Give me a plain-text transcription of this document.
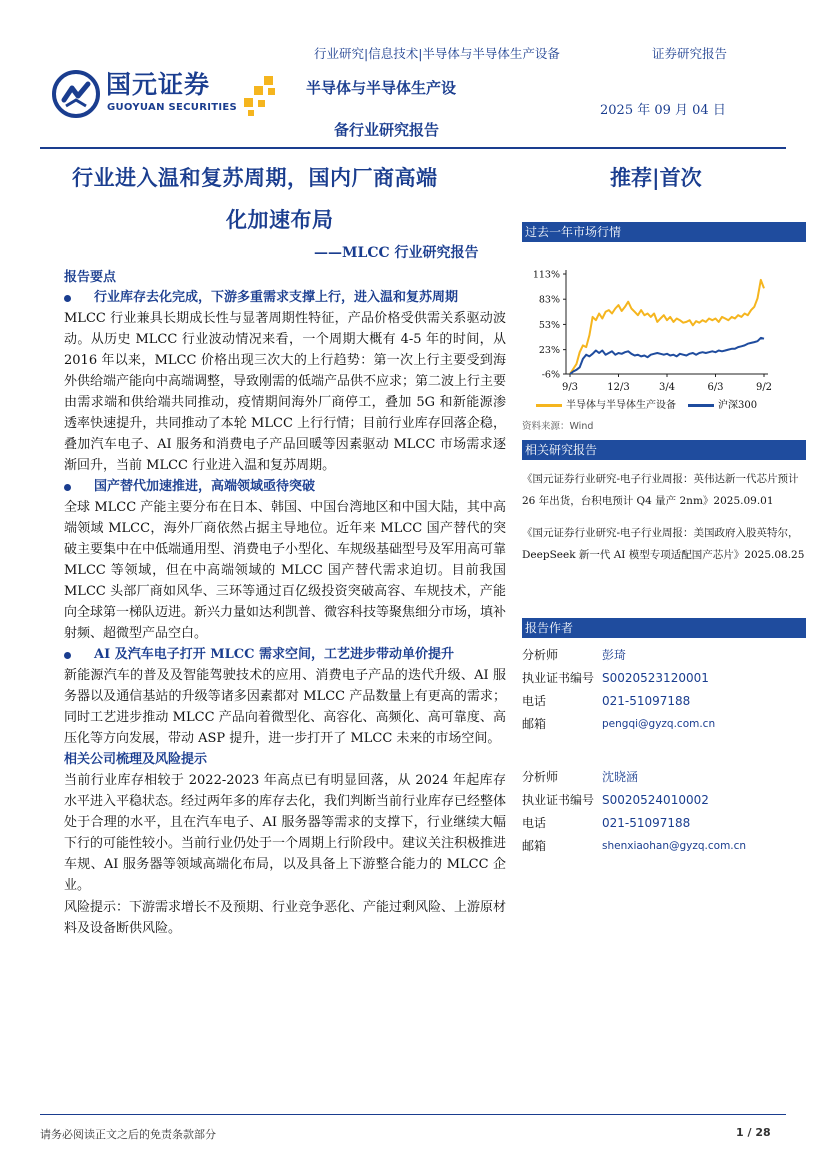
国元证券
GUOYUAN SECURITIES
行业研究|信息技术|半导体与半导体生产设备	证券研究报告
半导体与半导体生产设
备行业研究报告
2025 年 09 月 04 日
行业进入温和复苏周期，国内厂商高端
化加速布局
——MLCC 行业研究报告
推荐|首次
报告要点
行业库存去化完成，下游多重需求支撑上行，进入温和复苏周期

MLCC 行业兼具长期成长性与显著周期性特征，产品价格受供需关系驱动波动。从历史 MLCC 行业波动情况来看，一个周期大概有 4-5 年的时间，从 2016 年以来，MLCC 价格出现三次大的上行趋势：第一次上行主要受到海外供给端产能向中高端调整，导致刚需的低端产品供不应求；第二波上行主要由需求端和供给端共同推动，疫情期间海外厂商停工，叠加 5G 和新能源渗透率快速提升，共同推动了本轮 MLCC 上行行情；目前行业库存回落企稳，叠加汽车电子、AI 服务和消费电子产品回暖等因素驱动 MLCC 市场需求逐渐回升，当前 MLCC 行业进入温和复苏周期。

国产替代加速推进，高端领域亟待突破

全球 MLCC 产能主要分布在日本、韩国、中国台湾地区和中国大陆，其中高端领域 MLCC，海外厂商依然占据主导地位。近年来 MLCC 国产替代的突破主要集中在中低端通用型、消费电子小型化、车规级基础型号及军用高可靠 MLCC 等领域，但在中高端领域的 MLCC 国产替代需求迫切。目前我国 MLCC 头部厂商如风华、三环等通过百亿级投资突破高容、车规技术，产能向全球第一梯队迈进。新兴力量如达利凯普、微容科技等聚焦细分市场，填补射频、超微型产品空白。

AI 及汽车电子打开 MLCC 需求空间，工艺进步带动单价提升

新能源汽车的普及及智能驾驶技术的应用、消费电子产品的迭代升级、AI 服务器以及通信基站的升级等诸多因素都对 MLCC 产品数量上有更高的需求；同时工艺进步推动 MLCC 产品向着微型化、高容化、高频化、高可靠度、高压化等方向发展，带动 ASP 提升，进一步打开了 MLCC 未来的市场空间。

相关公司梳理及风险提示

当前行业库存相较于 2022-2023 年高点已有明显回落，从 2024 年起库存水平进入平稳状态。经过两年多的库存去化，我们判断当前行业库存已经整体处于合理的水平，且在汽车电子、AI 服务器等需求的支撑下，行业继续大幅下行的可能性较小。当前行业仍处于一个周期上行阶段中。建议关注积极推进车规、AI 服务器等领域高端化布局，以及具备上下游整合能力的 MLCC 企业。

风险提示：下游需求增长不及预期、行业竞争恶化、产能过剩风险、上游原材料及设备断供风险。

过去一年市场行情
113%
83%
53%
23%
-6%
9/3	12/3	3/4	6/3	9/2
半导体与半导体生产设备	沪深300
资料来源：Wind
相关研究报告
《国元证券行业研究-电子行业周报：英伟达新一代芯片预计 26 年出货，台积电预计 Q4 量产 2nm》2025.09.01
《国元证券行业研究-电子行业周报：美国政府入股英特尔，DeepSeek 新一代 AI 模型专项适配国产芯片》2025.08.25
报告作者
分析师	彭琦
执业证书编号 S0020523120001
电话	021-51097188
邮箱	pengqi@gyzq.com.cn
分析师	沈晓涵
执业证书编号 S0020524010002
电话	021-51097188
邮箱	shenxiaohan@gyzq.com.cn
请务必阅读正文之后的免责条款部分	1 / 28
